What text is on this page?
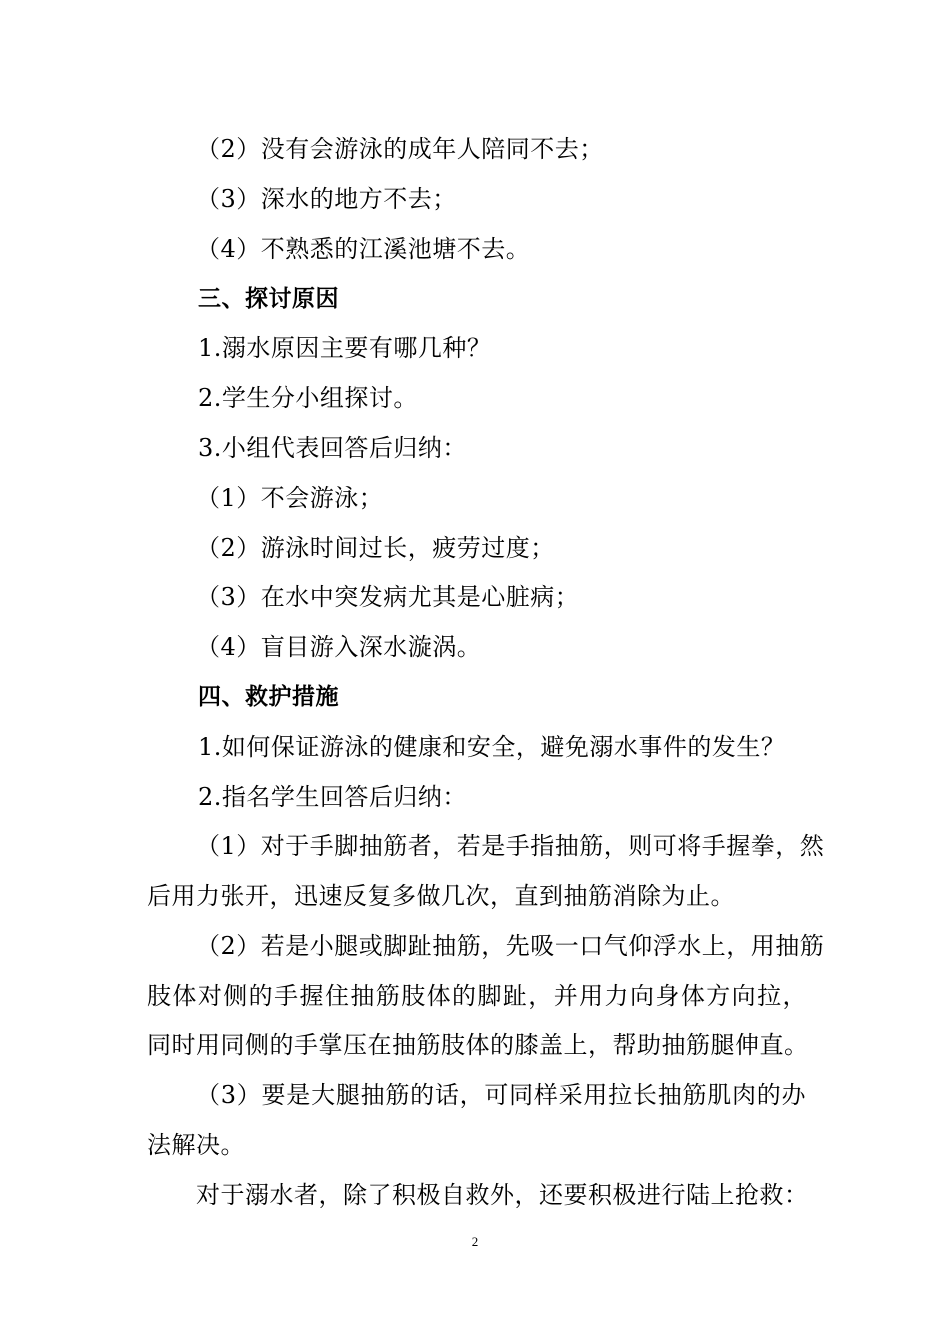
（2）没有会游泳的成年人陪同不去；
（3）深水的地方不去；
（4）不熟悉的江溪池塘不去。
三、探讨原因
1.溺水原因主要有哪几种？
2.学生分小组探讨。
3.小组代表回答后归纳：
（1）不会游泳；
（2）游泳时间过长，疲劳过度；
（3）在水中突发病尤其是心脏病；
（4）盲目游入深水漩涡。
四、救护措施
1.如何保证游泳的健康和安全，避免溺水事件的发生？
2.指名学生回答后归纳：
（1）对于手脚抽筋者，若是手指抽筋，则可将手握拳，然
后用力张开，迅速反复多做几次，直到抽筋消除为止。
（2）若是小腿或脚趾抽筋，先吸一口气仰浮水上，用抽筋
肢体对侧的手握住抽筋肢体的脚趾，并用力向身体方向拉，
同时用同侧的手掌压在抽筋肢体的膝盖上，帮助抽筋腿伸直。
（3）要是大腿抽筋的话，可同样采用拉长抽筋肌肉的办
法解决。
对于溺水者，除了积极自救外，还要积极进行陆上抢救：
2
